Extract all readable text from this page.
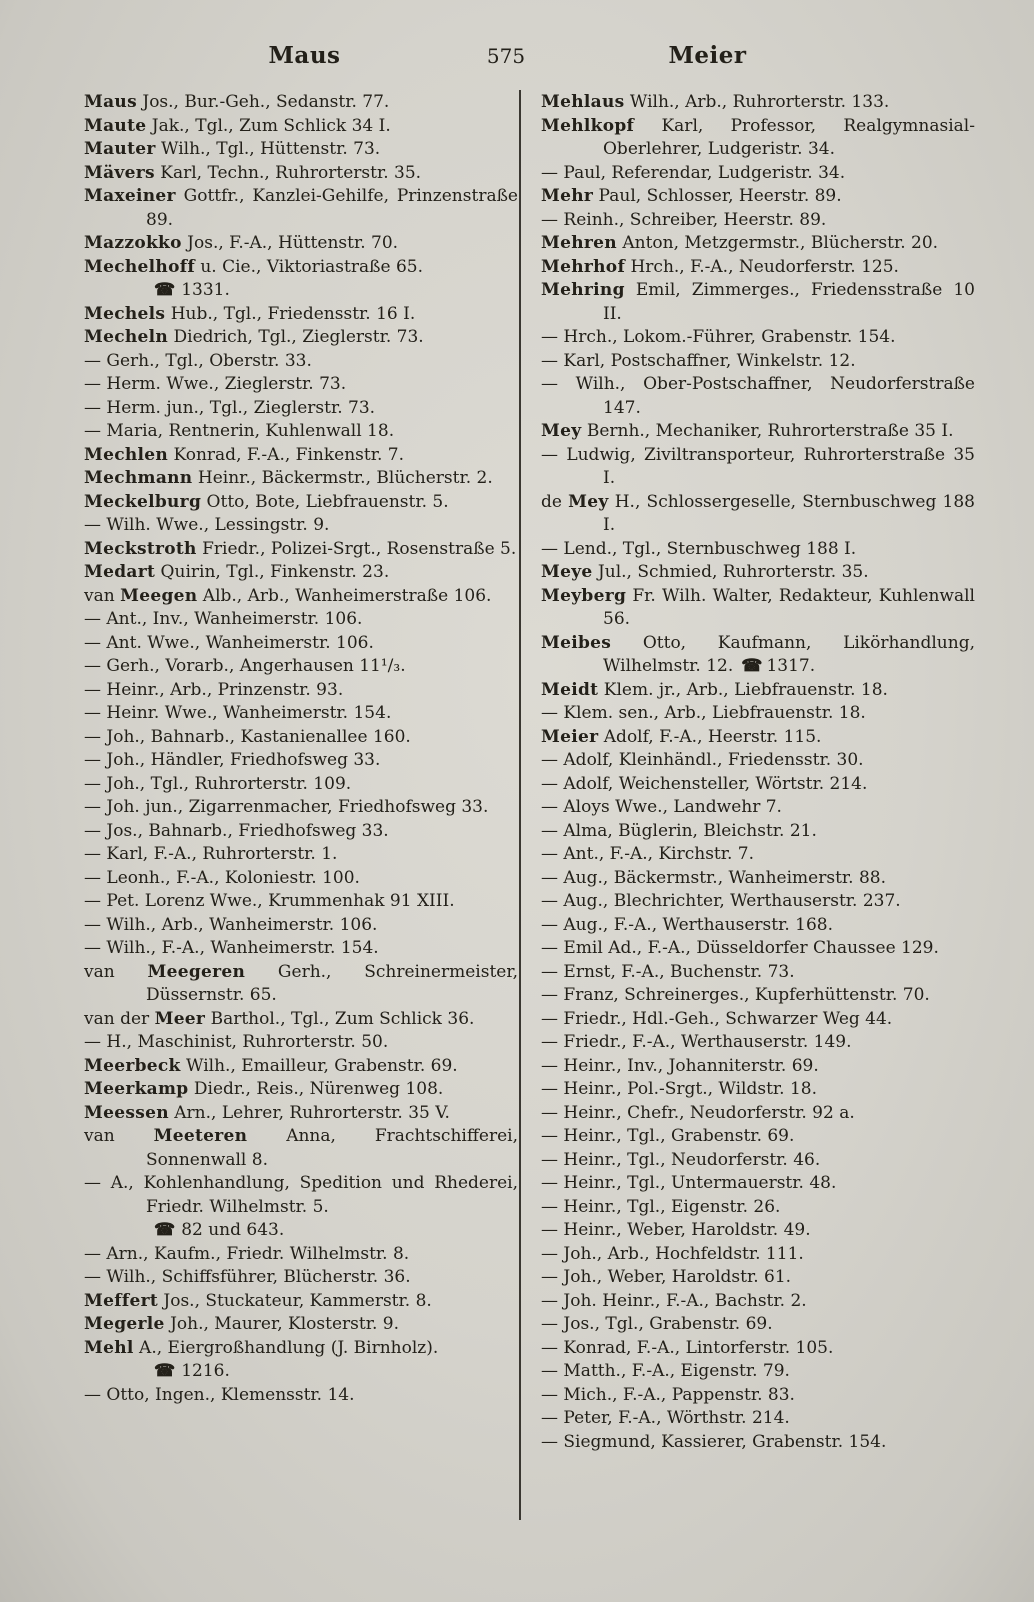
Maus	575	Meier
Maus Jos., Bur.-Geh., Sedanstr. 77.
Maute Jak., Tgl., Zum Schlick 34 I.
Mauter Wilh., Tgl., Hüttenstr. 73.
Mävers Karl, Techn., Ruhrorterstr. 35.
Maxeiner Gottfr., Kanzlei-Gehilfe, Prinzenstraße 89.
Mazzokko Jos., F.-A., Hüttenstr. 70.
Mechelhoff u. Cie., Viktoriastraße 65.
☎ 1331.
Mechels Hub., Tgl., Friedensstr. 16 I.
Mecheln Diedrich, Tgl., Zieglerstr. 73.
— Gerh., Tgl., Oberstr. 33.
— Herm. Wwe., Zieglerstr. 73.
— Herm. jun., Tgl., Zieglerstr. 73.
— Maria, Rentnerin, Kuhlenwall 18.
Mechlen Konrad, F.-A., Finkenstr. 7.
Mechmann Heinr., Bäckermstr., Blücherstr. 2.
Meckelburg Otto, Bote, Liebfrauenstr. 5.
— Wilh. Wwe., Lessingstr. 9.
Meckstroth Friedr., Polizei-Srgt., Rosenstraße 5.
Medart Quirin, Tgl., Finkenstr. 23.
van Meegen Alb., Arb., Wanheimerstraße 106.
— Ant., Inv., Wanheimerstr. 106.
— Ant. Wwe., Wanheimerstr. 106.
— Gerh., Vorarb., Angerhausen 11¹/₃.
— Heinr., Arb., Prinzenstr. 93.
— Heinr. Wwe., Wanheimerstr. 154.
— Joh., Bahnarb., Kastanienallee 160.
— Joh., Händler, Friedhofsweg 33.
— Joh., Tgl., Ruhrorterstr. 109.
— Joh. jun., Zigarrenmacher, Friedhofsweg 33.
— Jos., Bahnarb., Friedhofsweg 33.
— Karl, F.-A., Ruhrorterstr. 1.
— Leonh., F.-A., Koloniestr. 100.
— Pet. Lorenz Wwe., Krummenhak 91 XIII.
— Wilh., Arb., Wanheimerstr. 106.
— Wilh., F.-A., Wanheimerstr. 154.
van Meegeren Gerh., Schreinermeister, Düssernstr. 65.
van der Meer Barthol., Tgl., Zum Schlick 36.
— H., Maschinist, Ruhrorterstr. 50.
Meerbeck Wilh., Emailleur, Grabenstr. 69.
Meerkamp Diedr., Reis., Nürenweg 108.
Meessen Arn., Lehrer, Ruhrorterstr. 35 V.
van Meeteren Anna, Frachtschifferei, Sonnenwall 8.
— A., Kohlenhandlung, Spedition und Rhederei, Friedr. Wilhelmstr. 5.
☎ 82 und 643.
— Arn., Kaufm., Friedr. Wilhelmstr. 8.
— Wilh., Schiffsführer, Blücherstr. 36.
Meffert Jos., Stuckateur, Kammerstr. 8.
Megerle Joh., Maurer, Klosterstr. 9.
Mehl A., Eiergroßhandlung (J. Birnholz).
☎ 1216.
— Otto, Ingen., Klemensstr. 14.
Mehlaus Wilh., Arb., Ruhrorterstr. 133.
Mehlkopf Karl, Professor, Realgymnasial-Oberlehrer, Ludgeristr. 34.
— Paul, Referendar, Ludgeristr. 34.
Mehr Paul, Schlosser, Heerstr. 89.
— Reinh., Schreiber, Heerstr. 89.
Mehren Anton, Metzgermstr., Blücherstr. 20.
Mehrhof Hrch., F.-A., Neudorferstr. 125.
Mehring Emil, Zimmerges., Friedensstraße 10 II.
— Hrch., Lokom.-Führer, Grabenstr. 154.
— Karl, Postschaffner, Winkelstr. 12.
— Wilh., Ober-Postschaffner, Neudorferstraße 147.
Mey Bernh., Mechaniker, Ruhrorterstraße 35 I.
— Ludwig, Ziviltransporteur, Ruhrorterstraße 35 I.
de Mey H., Schlossergeselle, Sternbuschweg 188 I.
— Lend., Tgl., Sternbuschweg 188 I.
Meye Jul., Schmied, Ruhrorterstr. 35.
Meyberg Fr. Wilh. Walter, Redakteur, Kuhlenwall 56.
Meibes Otto, Kaufmann, Likörhandlung, Wilhelmstr. 12. ☎ 1317.
Meidt Klem. jr., Arb., Liebfrauenstr. 18.
— Klem. sen., Arb., Liebfrauenstr. 18.
Meier Adolf, F.-A., Heerstr. 115.
— Adolf, Kleinhändl., Friedensstr. 30.
— Adolf, Weichensteller, Wörtstr. 214.
— Aloys Wwe., Landwehr 7.
— Alma, Büglerin, Bleichstr. 21.
— Ant., F.-A., Kirchstr. 7.
— Aug., Bäckermstr., Wanheimerstr. 88.
— Aug., Blechrichter, Werthauserstr. 237.
— Aug., F.-A., Werthauserstr. 168.
— Emil Ad., F.-A., Düsseldorfer Chaussee 129.
— Ernst, F.-A., Buchenstr. 73.
— Franz, Schreinerges., Kupferhüttenstr. 70.
— Friedr., Hdl.-Geh., Schwarzer Weg 44.
— Friedr., F.-A., Werthauserstr. 149.
— Heinr., Inv., Johanniterstr. 69.
— Heinr., Pol.-Srgt., Wildstr. 18.
— Heinr., Chefr., Neudorferstr. 92 a.
— Heinr., Tgl., Grabenstr. 69.
— Heinr., Tgl., Neudorferstr. 46.
— Heinr., Tgl., Untermauerstr. 48.
— Heinr., Tgl., Eigenstr. 26.
— Heinr., Weber, Haroldstr. 49.
— Joh., Arb., Hochfeldstr. 111.
— Joh., Weber, Haroldstr. 61.
— Joh. Heinr., F.-A., Bachstr. 2.
— Jos., Tgl., Grabenstr. 69.
— Konrad, F.-A., Lintorferstr. 105.
— Matth., F.-A., Eigenstr. 79.
— Mich., F.-A., Pappenstr. 83.
— Peter, F.-A., Wörthstr. 214.
— Siegmund, Kassierer, Grabenstr. 154.
